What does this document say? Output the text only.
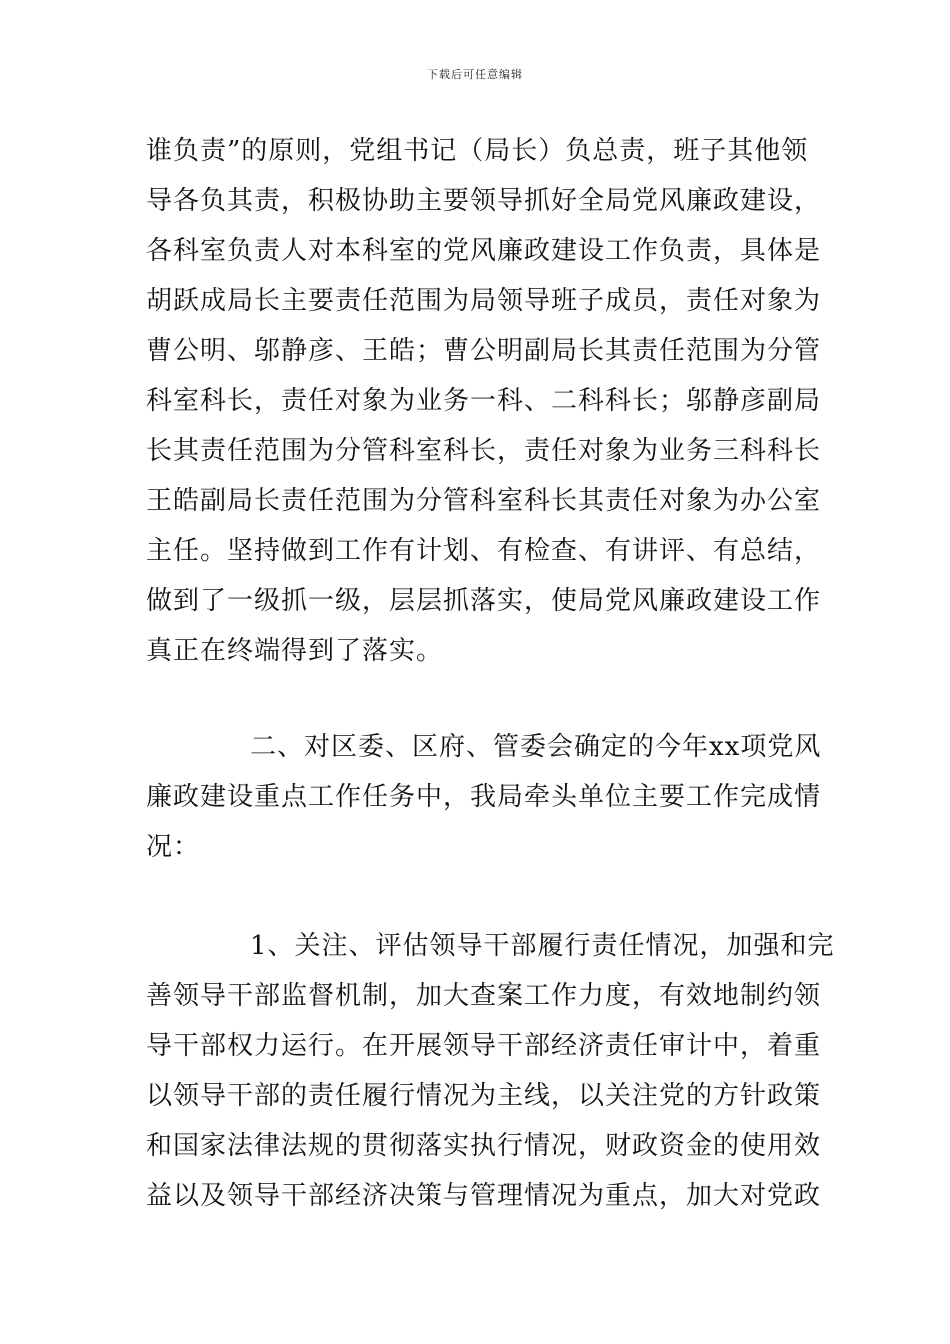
下载后可任意编辑
谁负责”的原则，党组书记（局长）负总责，班子其他领
导各负其责，积极协助主要领导抓好全局党风廉政建设，
各科室负责人对本科室的党风廉政建设工作负责，具体是
胡跃成局长主要责任范围为局领导班子成员，责任对象为
曹公明、邬静彦、王皓；曹公明副局长其责任范围为分管
科室科长，责任对象为业务一科、二科科长；邬静彦副局
长其责任范围为分管科室科长，责任对象为业务三科科长
王皓副局长责任范围为分管科室科长其责任对象为办公室
主任。坚持做到工作有计划、有检查、有讲评、有总结，
做到了一级抓一级，层层抓落实，使局党风廉政建设工作
真正在终端得到了落实。
二、对区委、区府、管委会确定的今年xx项党风
廉政建设重点工作任务中，我局牵头单位主要工作完成情
况：
1、关注、评估领导干部履行责任情况，加强和完
善领导干部监督机制，加大查案工作力度，有效地制约领
导干部权力运行。在开展领导干部经济责任审计中，着重
以领导干部的责任履行情况为主线，以关注党的方针政策
和国家法律法规的贯彻落实执行情况，财政资金的使用效
益以及领导干部经济决策与管理情况为重点，加大对党政
